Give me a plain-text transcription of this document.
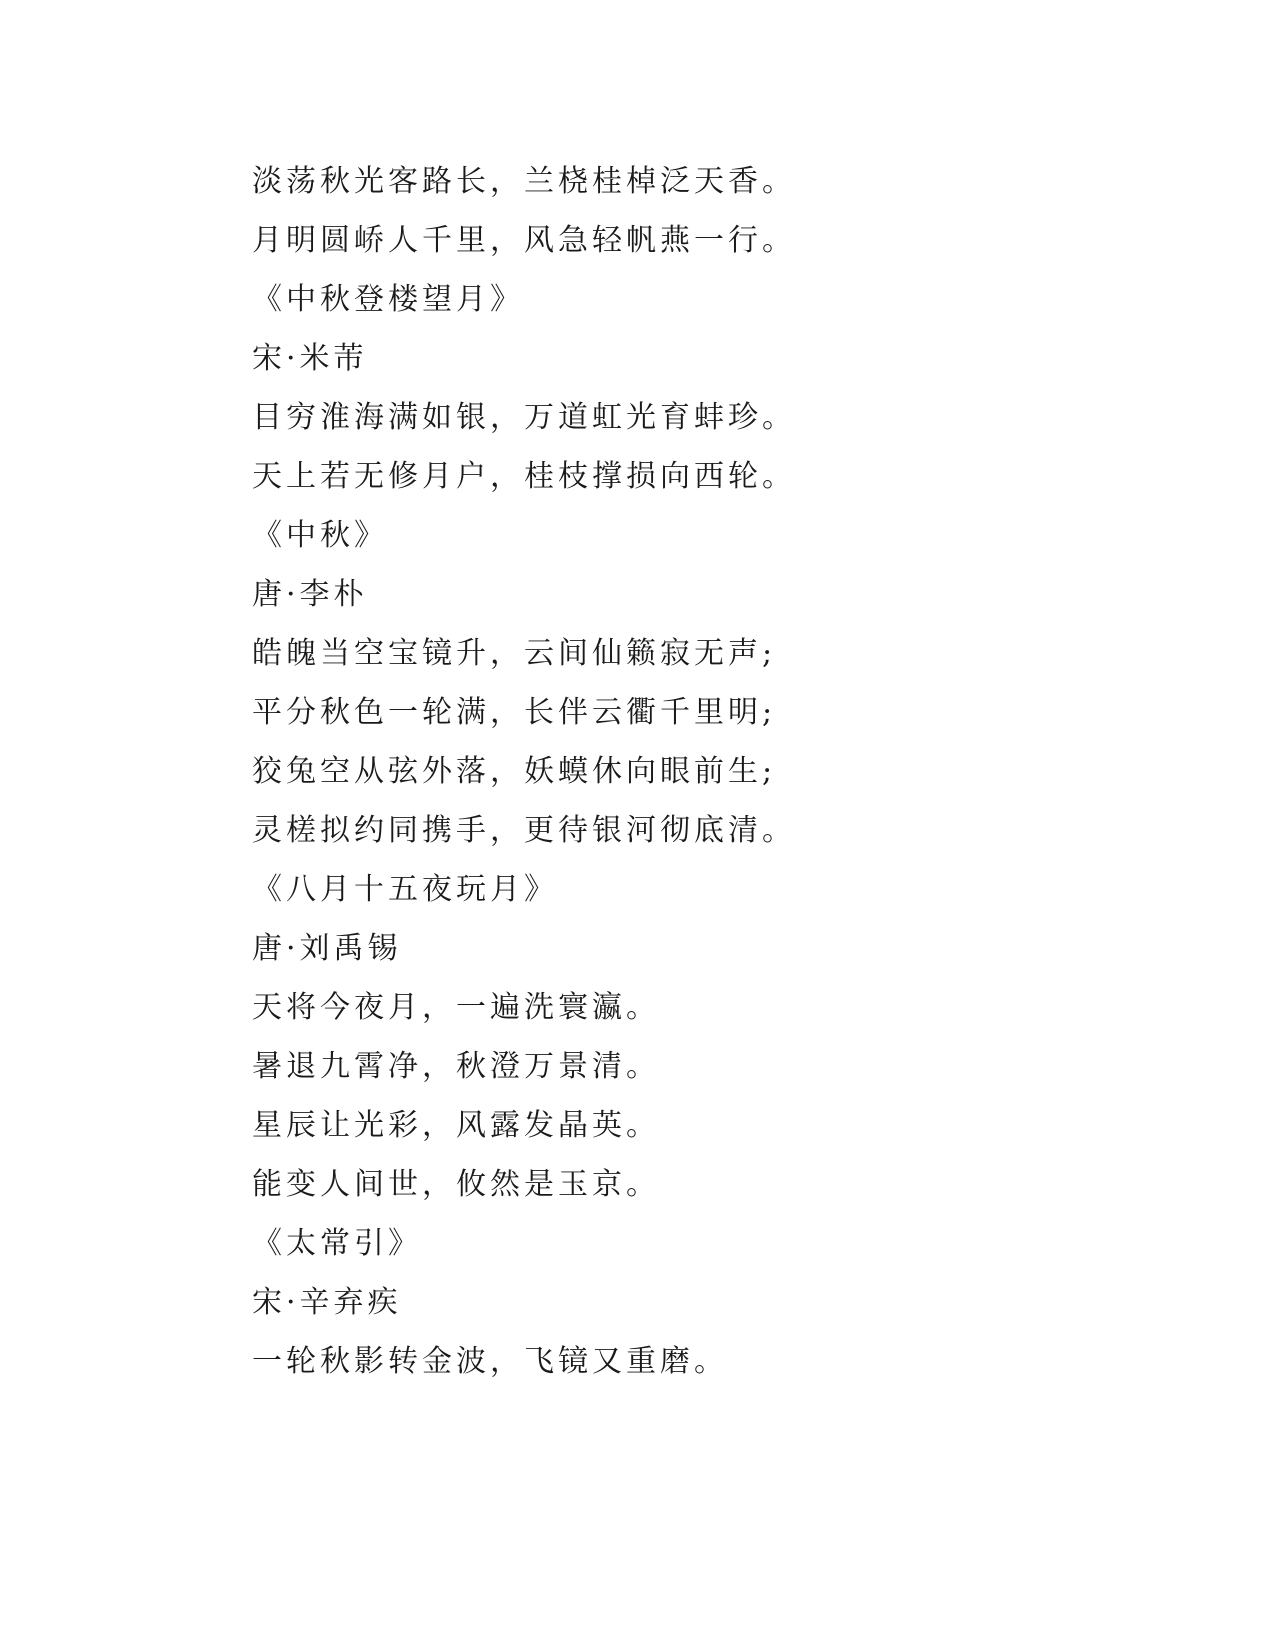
淡荡秋光客路长，兰桡桂棹泛天香。
月明圆峤人千里，风急轻帆燕一行。
《中秋登楼望月》
宋·米芾
目穷淮海满如银，万道虹光育蚌珍。
天上若无修月户，桂枝撑损向西轮。
《中秋》
唐·李朴
皓魄当空宝镜升，云间仙籁寂无声;
平分秋色一轮满，长伴云衢千里明;
狡兔空从弦外落，妖蟆休向眼前生;
灵槎拟约同携手，更待银河彻底清。
《八月十五夜玩月》
唐·刘禹锡
天将今夜月，一遍洗寰瀛。
暑退九霄净，秋澄万景清。
星辰让光彩，风露发晶英。
能变人间世，攸然是玉京。
《太常引》
宋·辛弃疾
一轮秋影转金波，飞镜又重磨。
